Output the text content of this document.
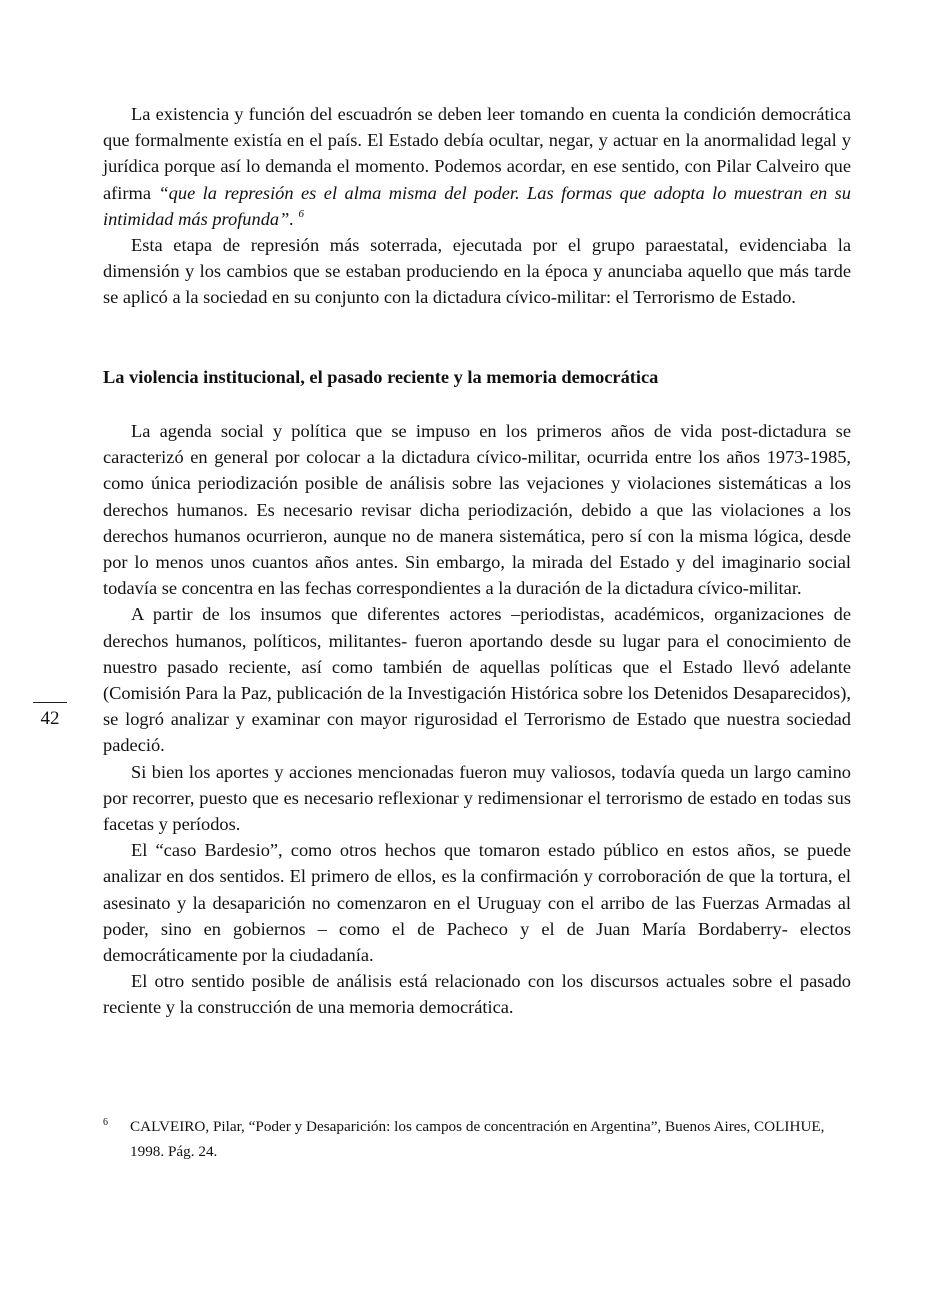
La existencia y función del escuadrón se deben leer tomando en cuenta la condición democrática que formalmente existía en el país. El Estado debía ocultar, negar, y actuar en la anormalidad legal y jurídica porque así lo demanda el momento. Podemos acordar, en ese sentido, con Pilar Calveiro que afirma “que la represión es el alma misma del poder. Las formas que adopta lo muestran en su intimidad más profunda”. $^6$

Esta etapa de represión más soterrada, ejecutada por el grupo paraestatal, evidenciaba la dimensión y los cambios que se estaban produciendo en la época y anunciaba aquello que más tarde se aplicó a la sociedad en su conjunto con la dictadura cívico-militar: el Terrorismo de Estado.

La violencia institucional, el pasado reciente y la memoria democrática

La agenda social y política que se impuso en los primeros años de vida post-dictadura se caracterizó en general por colocar a la dictadura cívico-militar, ocurrida entre los años 1973-1985, como única periodización posible de análisis sobre las vejaciones y violaciones sistemáticas a los derechos humanos. Es necesario revisar dicha periodización, debido a que las violaciones a los derechos humanos ocurrieron, aunque no de manera sistemática, pero sí con la misma lógica, desde por lo menos unos cuantos años antes. Sin embargo, la mirada del Estado y del imaginario social todavía se concentra en las fechas correspondientes a la duración de la dictadura cívico-militar.

A partir de los insumos que diferentes actores –periodistas, académicos, organizaciones de derechos humanos, políticos, militantes- fueron aportando desde su lugar para el conocimiento de nuestro pasado reciente, así como también de aquellas políticas que el Estado llevó adelante (Comisión Para la Paz, publicación de la Investigación Histórica sobre los Detenidos Desaparecidos), se logró analizar y examinar con mayor rigurosidad el Terrorismo de Estado que nuestra sociedad padeció.

Si bien los aportes y acciones mencionadas fueron muy valiosos, todavía queda un largo camino por recorrer, puesto que es necesario reflexionar y redimensionar el terrorismo de estado en todas sus facetas y períodos.

El “caso Bardesio”, como otros hechos que tomaron estado público en estos años, se puede analizar en dos sentidos. El primero de ellos, es la confirmación y corroboración de que la tortura, el asesinato y la desaparición no comenzaron en el Uruguay con el arribo de las Fuerzas Armadas al poder, sino en gobiernos – como el de Pacheco y el de Juan María Bordaberry- electos democráticamente por la ciudadanía.

El otro sentido posible de análisis está relacionado con los discursos actuales sobre el pasado reciente y la construcción de una memoria democrática.

42
6 CALVEIRO, Pilar, “Poder y Desaparición: los campos de concentración en Argentina”, Buenos Aires, COLIHUE, 1998. Pág. 24.
